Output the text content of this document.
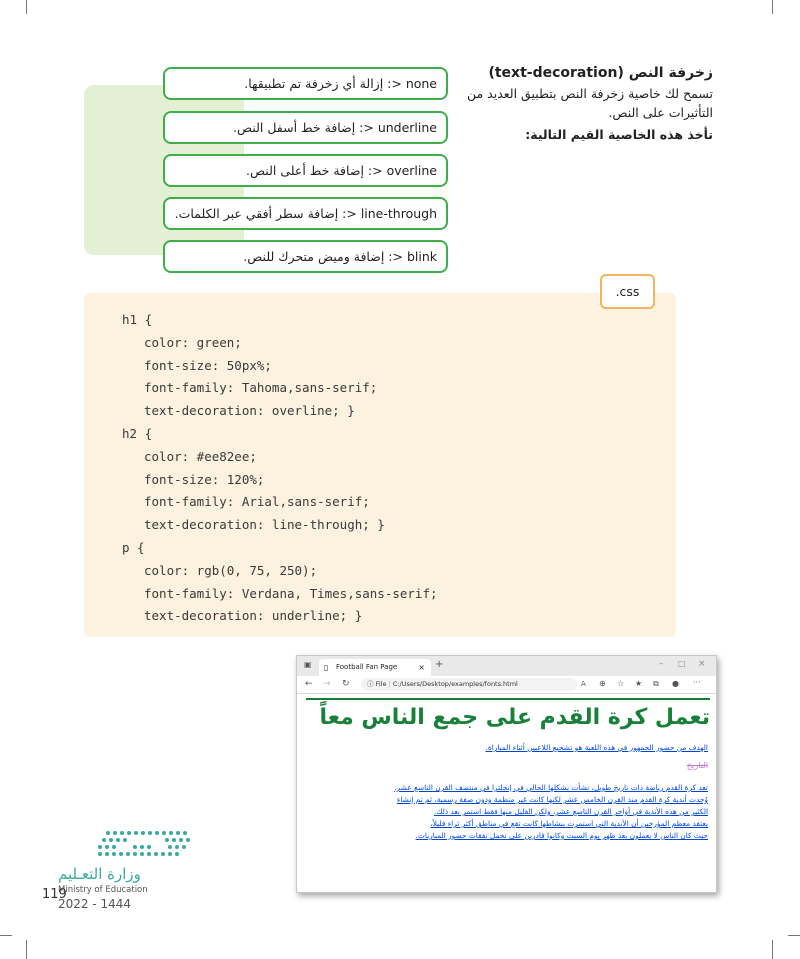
زخرفة النص (text-decoration)
تسمح لك خاصية زخرفة النص بتطبيق العديد من التأثيرات على النص.
تأخذ هذه الخاصية القيم التالية:
none <: إزالة أي زخرفة تم تطبيقها.
underline <: إضافة خط أسفل النص.
overline <: إضافة خط أعلى النص.
line-through <: إضافة سطر أفقي عبر الكلمات.
blink <: إضافة وميض متحرك للنص.
.css
h1 {
color: green;
font-size: 50px%;
font-family: Tahoma,sans-serif;
text-decoration: overline; }
h2 {
color: #ee82ee;
font-size: 120%;
font-family: Arial,sans-serif;
text-decoration: line-through; }
p {
color: rgb(0, 75, 250);
font-family: Verdana, Times,sans-serif;
text-decoration: underline; }
▣ ▯ Football Fan Page	× +	– □ ×
← → ↻	ⓘ File | C:/Users/Desktop/examples/fonts.html	A ⊕ ☆ ★ ⧉ ● ···
تعمل كرة القدم على جمع الناس معاً
الهدف من حضور الجمهور في هذه اللعبة هو تشجيع اللاعبين أثناء المباراة.
التاريخ
تعد كرة القدم رياضة ذات تاريخ طويل، نشأت بشكلها الحالي في إنجلترا في منتصف القرن التاسع عشر.
وُجدت أندية كرة القدم منذ القرن الخامس عشر لكنها كانت غير منظمة ودون صفة رسمية، ثم تم إنشاء
الكثير من هذه الأندية في أواخر القرن التاسع عشر، ولكن القليل منها فقط استمر بعد ذلك.
يعتقد معظم المؤرخين أن الأندية التي استمرت بنشاطها كانت تقع في مناطق أكثر ثراء قليلاً،
حيث كان الناس لا يعملون بعد ظهر يوم السبت وكانوا قادرين على تحمل نفقات حضور المباريات.
وزارة التعـليم
Ministry of Education
2022 - 1444
119
